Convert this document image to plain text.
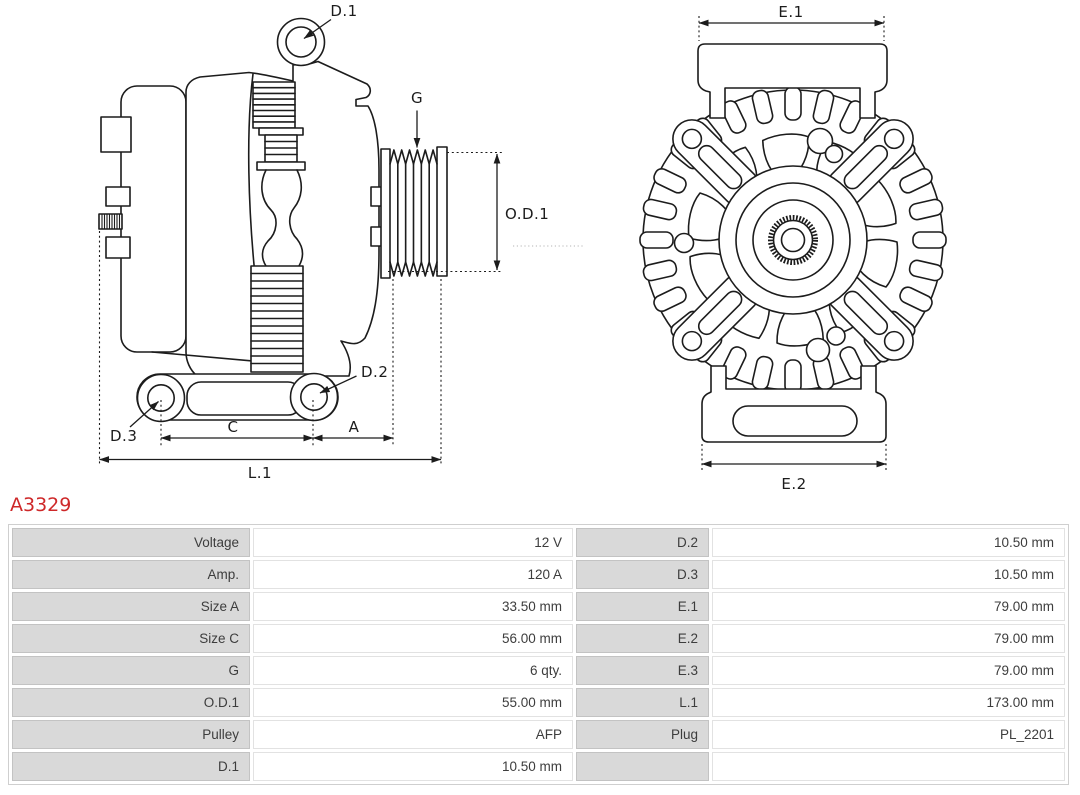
D.1
G
O.D.1
D.2
D.3	C	A
L.1
E.1
E.2
A3329
Voltage	12 V	D.2	10.50 mm
Amp.	120 A	D.3	10.50 mm
Size A	33.50 mm	E.1	79.00 mm
Size C	56.00 mm	E.2	79.00 mm
G	6 qty.	E.3	79.00 mm
O.D.1	55.00 mm	L.1	173.00 mm
Pulley	AFP	Plug	PL_2201
D.1	10.50 mm		
